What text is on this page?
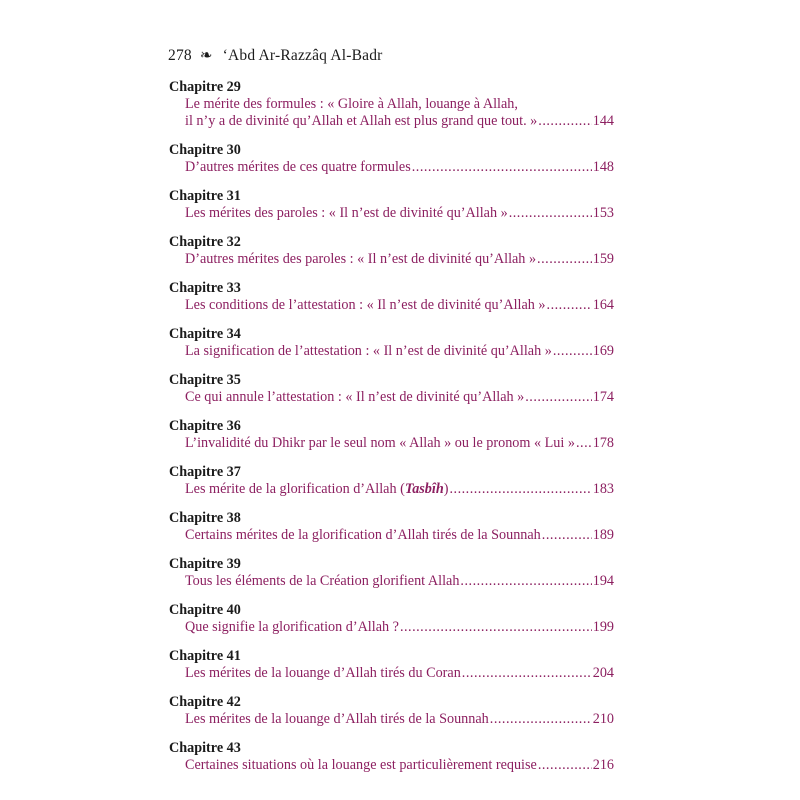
278 ❧ ‘Abd Ar-Razzâq Al-Badr
Chapitre 29
Le mérite des formules : « Gloire à Allah, louange à Allah,
il n’y a de divinité qu’Allah et Allah est plus grand que tout. » .....	144
Chapitre 30
D’autres mérites de ces quatre formules .....	148
Chapitre 31
Les mérites des paroles : « Il n’est de divinité qu’Allah » .....	153
Chapitre 32
D’autres mérites des paroles : « Il n’est de divinité qu’Allah » .....	159
Chapitre 33
Les conditions de l’attestation : « Il n’est de divinité qu’Allah » .....	164
Chapitre 34
La signification de l’attestation : « Il n’est de divinité qu’Allah » .....	169
Chapitre 35
Ce qui annule l’attestation : « Il n’est de divinité qu’Allah » .....	174
Chapitre 36
L’invalidité du Dhikr par le seul nom « Allah » ou le pronom « Lui » ..... 178
Chapitre 37
Les mérite de la glorification d’Allah (Tasbîh) .....	183
Chapitre 38
Certains mérites de la glorification d’Allah tirés de la Sounnah .....	189
Chapitre 39
Tous les éléments de la Création glorifient Allah .....	194
Chapitre 40
Que signifie la glorification d’Allah ? .....	199
Chapitre 41
Les mérites de la louange d’Allah tirés du Coran .....	204
Chapitre 42
Les mérites de la louange d’Allah tirés de la Sounnah .....	210
Chapitre 43
Certaines situations où la louange est particulièrement requise .....	216
